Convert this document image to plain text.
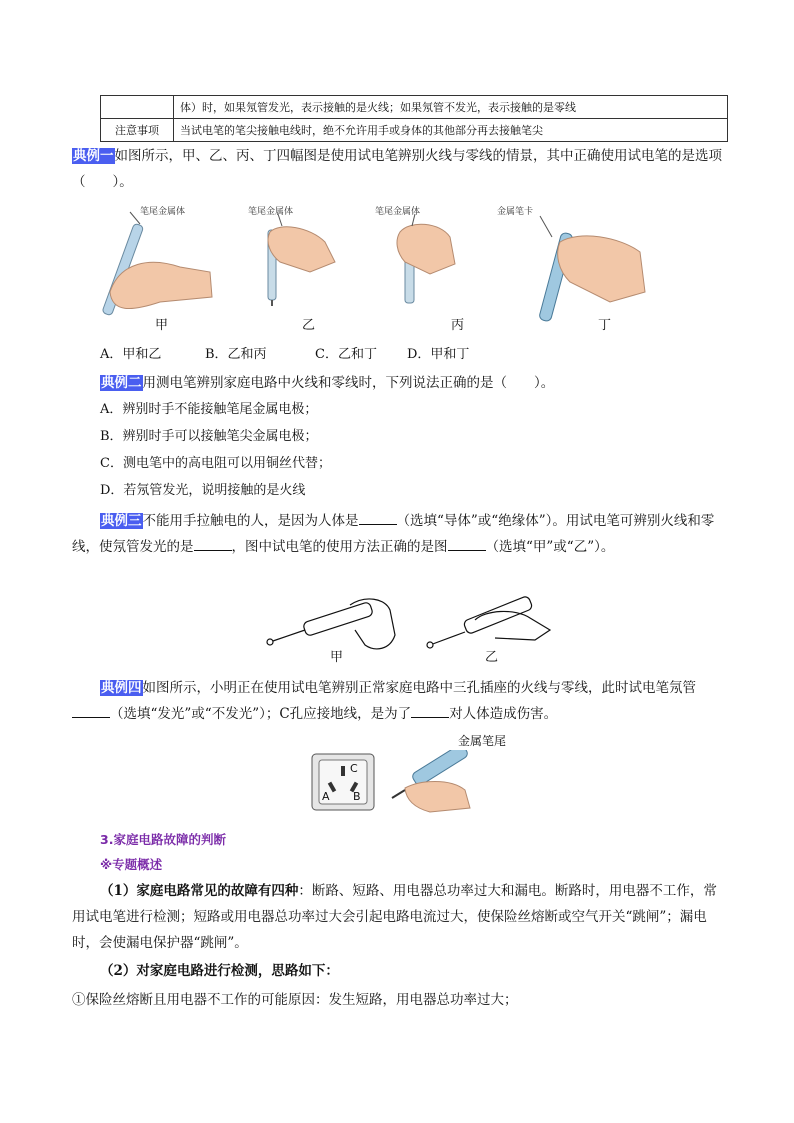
	体）时，如果氖管发光，表示接触的是火线；如果氖管不发光，表示接触的是零线
注意事项	当试电笔的笔尖接触电线时，绝不允许用手或身体的其他部分再去接触笔尖
典例一如图所示，甲、乙、丙、丁四幅图是使用试电笔辨别火线与零线的情景，其中正确使用试电笔的是选项（　　）。
笔尾金属体	笔尾金属体	笔尾金属体	金属笔卡
甲	乙	丙	丁
A．甲和乙	B．乙和丙	C．乙和丁 D．甲和丁
典例二用测电笔辨别家庭电路中火线和零线时，下列说法正确的是（　　）。
A．辨别时手不能接触笔尾金属电极；
B．辨别时手可以接触笔尖金属电极；
C．测电笔中的高电阻可以用铜丝代替；
D．若氖管发光，说明接触的是火线
典例三不能用手拉触电的人，是因为人体是	（选填“导体”或“绝缘体”）。用试电笔可辨别火线和零线，使氖管发光的是	，图中试电笔的使用方法正确的是图	（选填“甲”或“乙”）。
甲	乙
典例四如图所示，小明正在使用试电笔辨别正常家庭电路中三孔插座的火线与零线，此时试电笔氖管（选填“发光”或“不发光”）；C孔应接地线，是为了	对人体造成伤害。
金属笔尾
C
A B
3.家庭电路故障的判断
※专题概述
（1）家庭电路常见的故障有四种：断路、短路、用电器总功率过大和漏电。断路时，用电器不工作，常用试电笔进行检测；短路或用电器总功率过大会引起电路电流过大，使保险丝熔断或空气开关“跳闸”；漏电时，会使漏电保护器“跳闸”。
（2）对家庭电路进行检测，思路如下：
①保险丝熔断且用电器不工作的可能原因：发生短路，用电器总功率过大；
